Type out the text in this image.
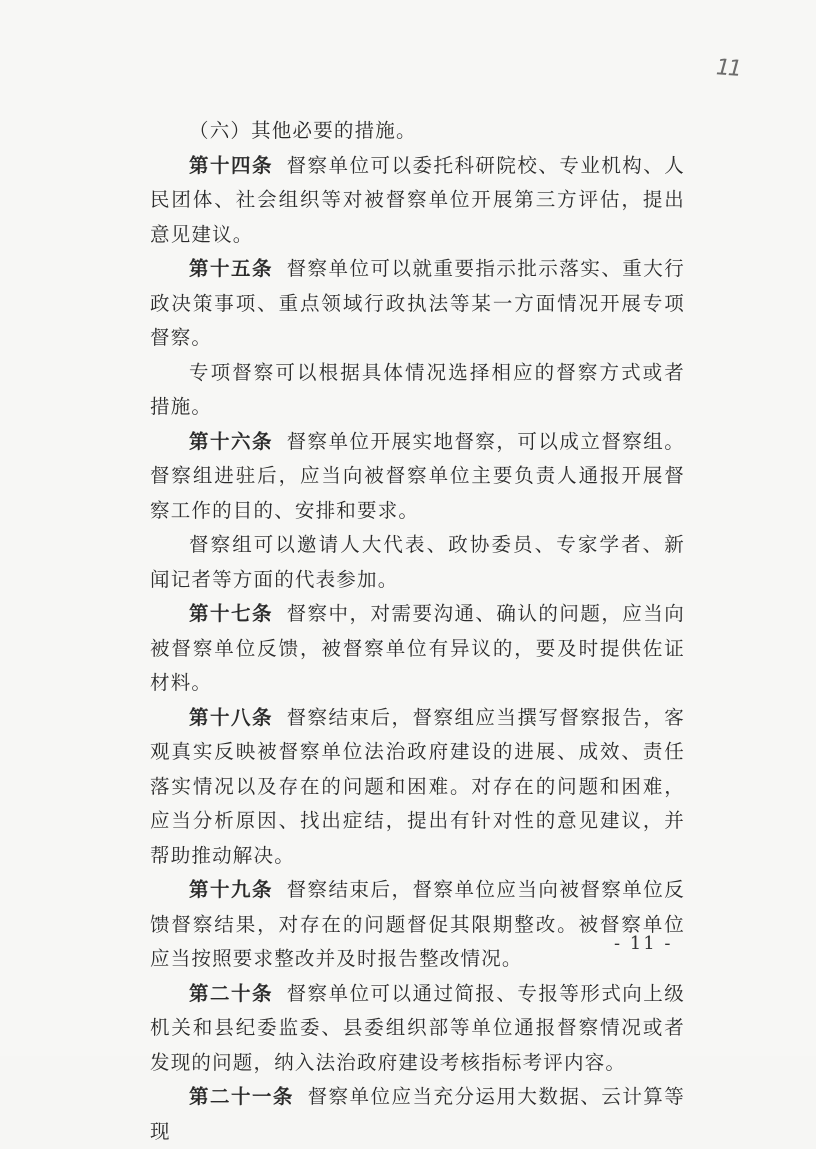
11

（六）其他必要的措施。

第十四条 督察单位可以委托科研院校、专业机构、人民团体、社会组织等对被督察单位开展第三方评估，提出意见建议。

第十五条 督察单位可以就重要指示批示落实、重大行政决策事项、重点领域行政执法等某一方面情况开展专项督察。

专项督察可以根据具体情况选择相应的督察方式或者措施。

第十六条 督察单位开展实地督察，可以成立督察组。督察组进驻后，应当向被督察单位主要负责人通报开展督察工作的目的、安排和要求。

督察组可以邀请人大代表、政协委员、专家学者、新闻记者等方面的代表参加。

第十七条 督察中，对需要沟通、确认的问题，应当向被督察单位反馈，被督察单位有异议的，要及时提供佐证材料。

第十八条 督察结束后，督察组应当撰写督察报告，客观真实反映被督察单位法治政府建设的进展、成效、责任落实情况以及存在的问题和困难。对存在的问题和困难，应当分析原因、找出症结，提出有针对性的意见建议，并帮助推动解决。

第十九条 督察结束后，督察单位应当向被督察单位反馈督察结果，对存在的问题督促其限期整改。被督察单位应当按照要求整改并及时报告整改情况。

第二十条 督察单位可以通过简报、专报等形式向上级机关和县纪委监委、县委组织部等单位通报督察情况或者发现的问题，纳入法治政府建设考核指标考评内容。

第二十一条 督察单位应当充分运用大数据、云计算等现

- 11 -
